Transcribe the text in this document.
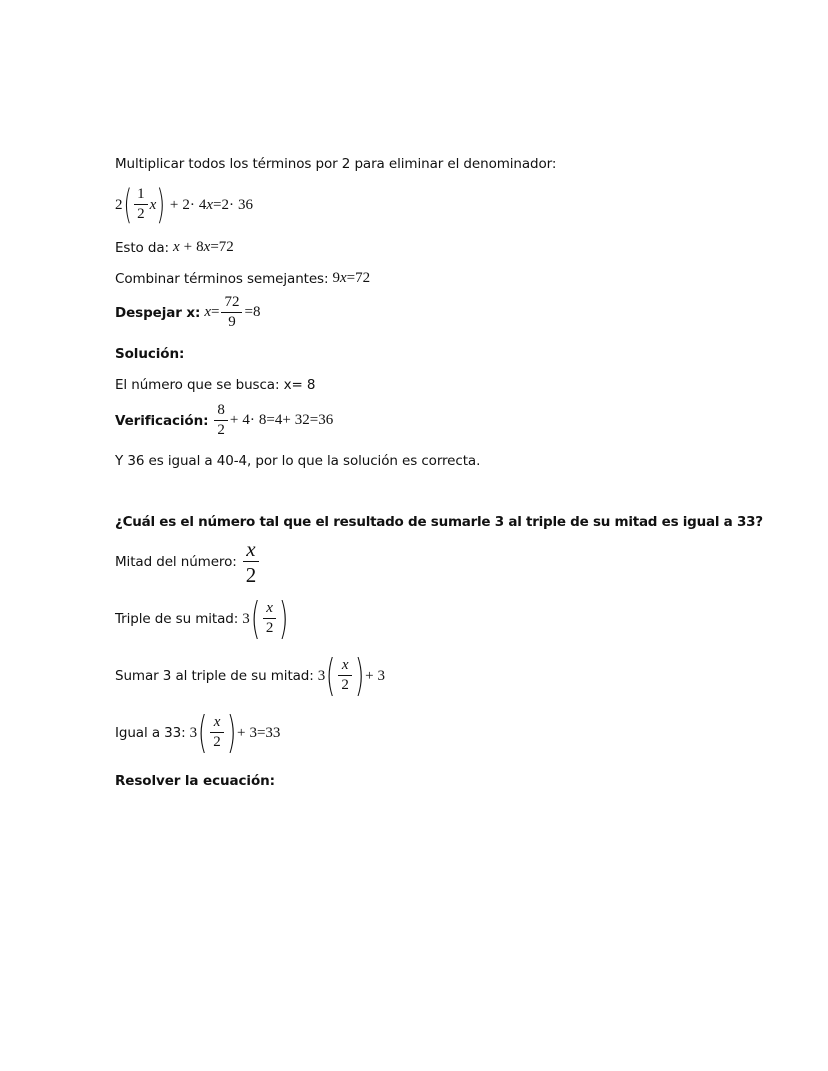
Multiplicar todos los términos por 2 para eliminar el denominador:
2 ( $\frac{1}{2}$ x ) + 2 · 4 x = 2 · 36
Esto da: x + 8 x = 72
Combinar términos semejantes: 9 x = 72
Despejar x: $x = \frac{72}{9} = 8$
Solución:
El número que se busca: x= 8
Verificación: $\frac{8}{2} + 4 \cdot 8 = 4 + 32 = 36$
Y 36 es igual a 40-4, por lo que la solución es correcta.
¿Cuál es el número tal que el resultado de sumarle 3 al triple de su mitad es igual a 33?
Mitad del número: $\frac{x}{2}$
Triple de su mitad: 3 ( $\frac{x}{2}$ )
Sumar 3 al triple de su mitad: 3 ( $\frac{x}{2}$ ) + 3
Igual a 33: 3 ( $\frac{x}{2}$ ) + 3 = 33
Resolver la ecuación:
